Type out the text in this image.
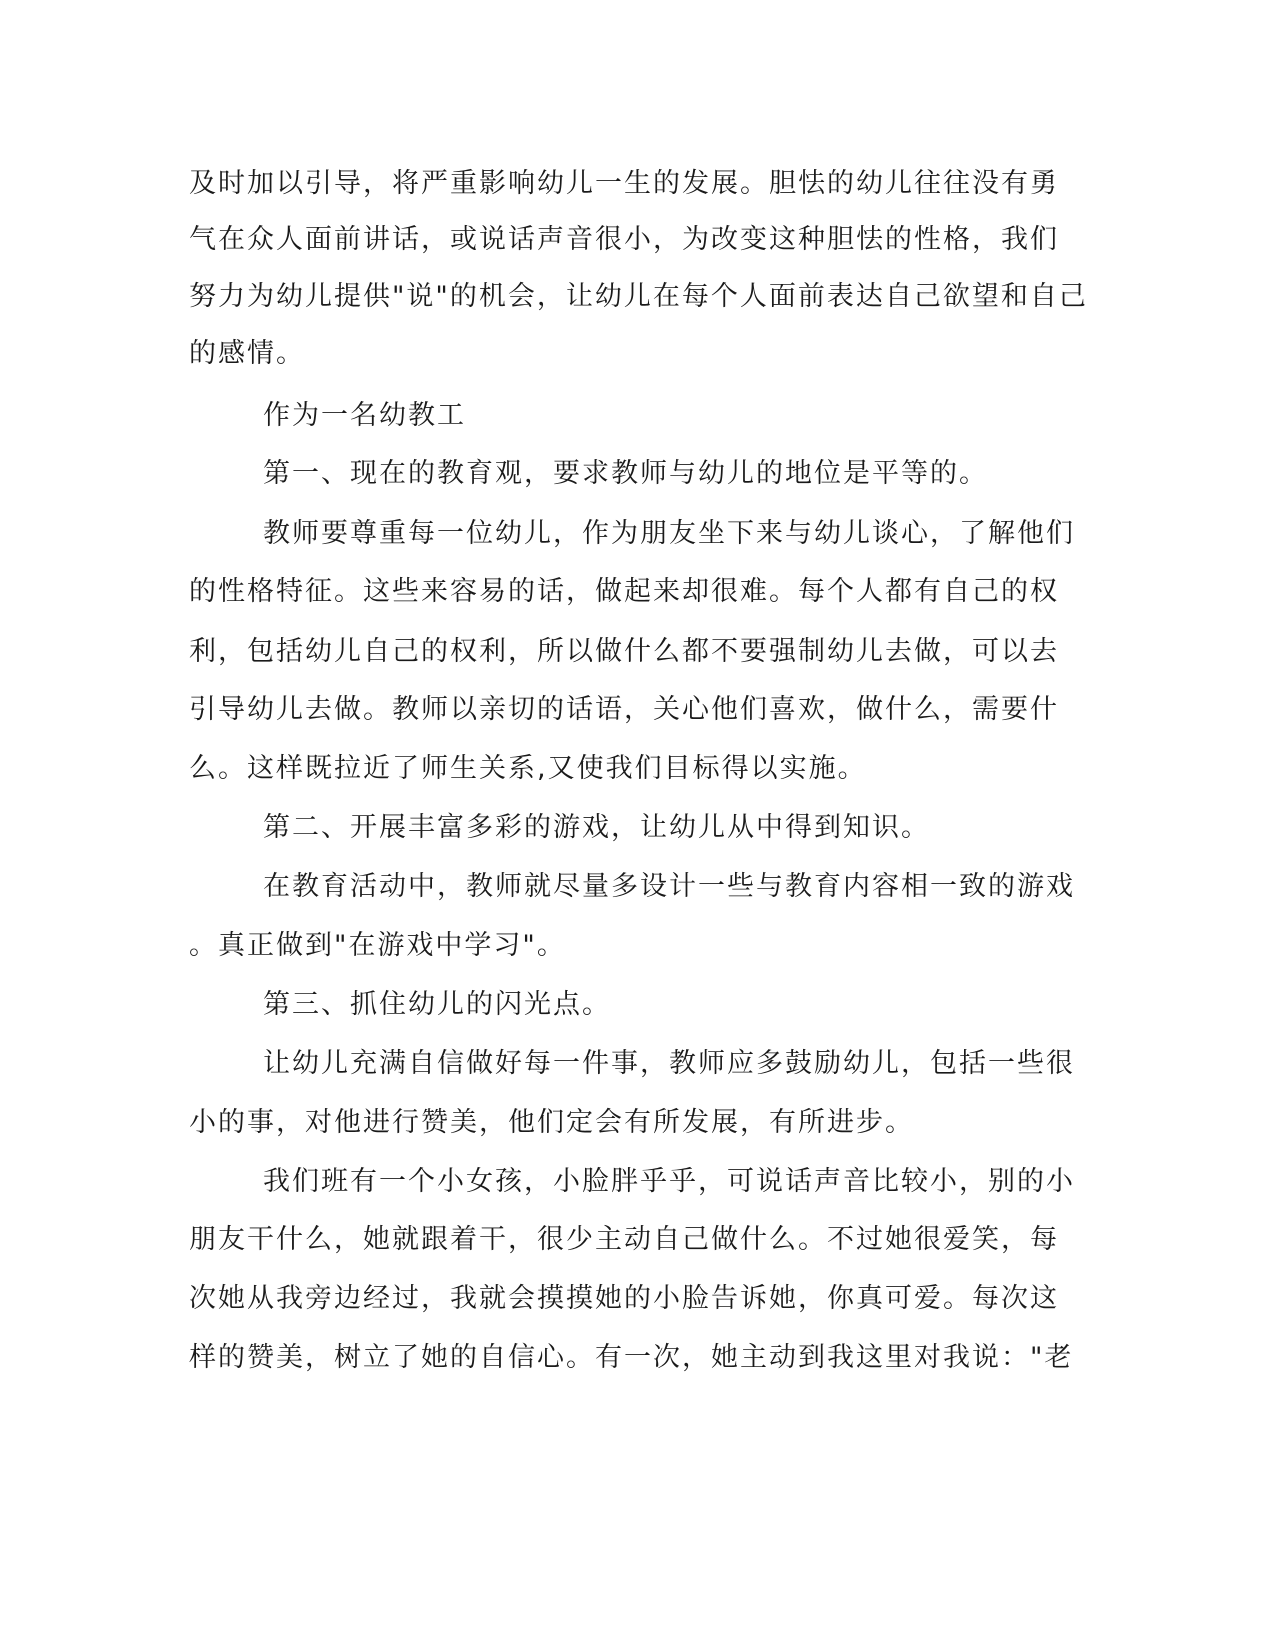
及时加以引导，将严重影响幼儿一生的发展。胆怯的幼儿往往没有勇
气在众人面前讲话，或说话声音很小，为改变这种胆怯的性格，我们
努力为幼儿提供"说"的机会，让幼儿在每个人面前表达自己欲望和自己
的感情。
作为一名幼教工
第一、现在的教育观，要求教师与幼儿的地位是平等的。
教师要尊重每一位幼儿，作为朋友坐下来与幼儿谈心，了解他们
的性格特征。这些来容易的话，做起来却很难。每个人都有自己的权
利，包括幼儿自己的权利，所以做什么都不要强制幼儿去做，可以去
引导幼儿去做。教师以亲切的话语，关心他们喜欢，做什么，需要什
么。这样既拉近了师生关系,又使我们目标得以实施。
第二、开展丰富多彩的游戏，让幼儿从中得到知识。
在教育活动中，教师就尽量多设计一些与教育内容相一致的游戏
。真正做到"在游戏中学习"。
第三、抓住幼儿的闪光点。
让幼儿充满自信做好每一件事，教师应多鼓励幼儿，包括一些很
小的事，对他进行赞美，他们定会有所发展，有所进步。
我们班有一个小女孩，小脸胖乎乎，可说话声音比较小，别的小
朋友干什么，她就跟着干，很少主动自己做什么。不过她很爱笑，每
次她从我旁边经过，我就会摸摸她的小脸告诉她，你真可爱。每次这
样的赞美，树立了她的自信心。有一次，她主动到我这里对我说："老
